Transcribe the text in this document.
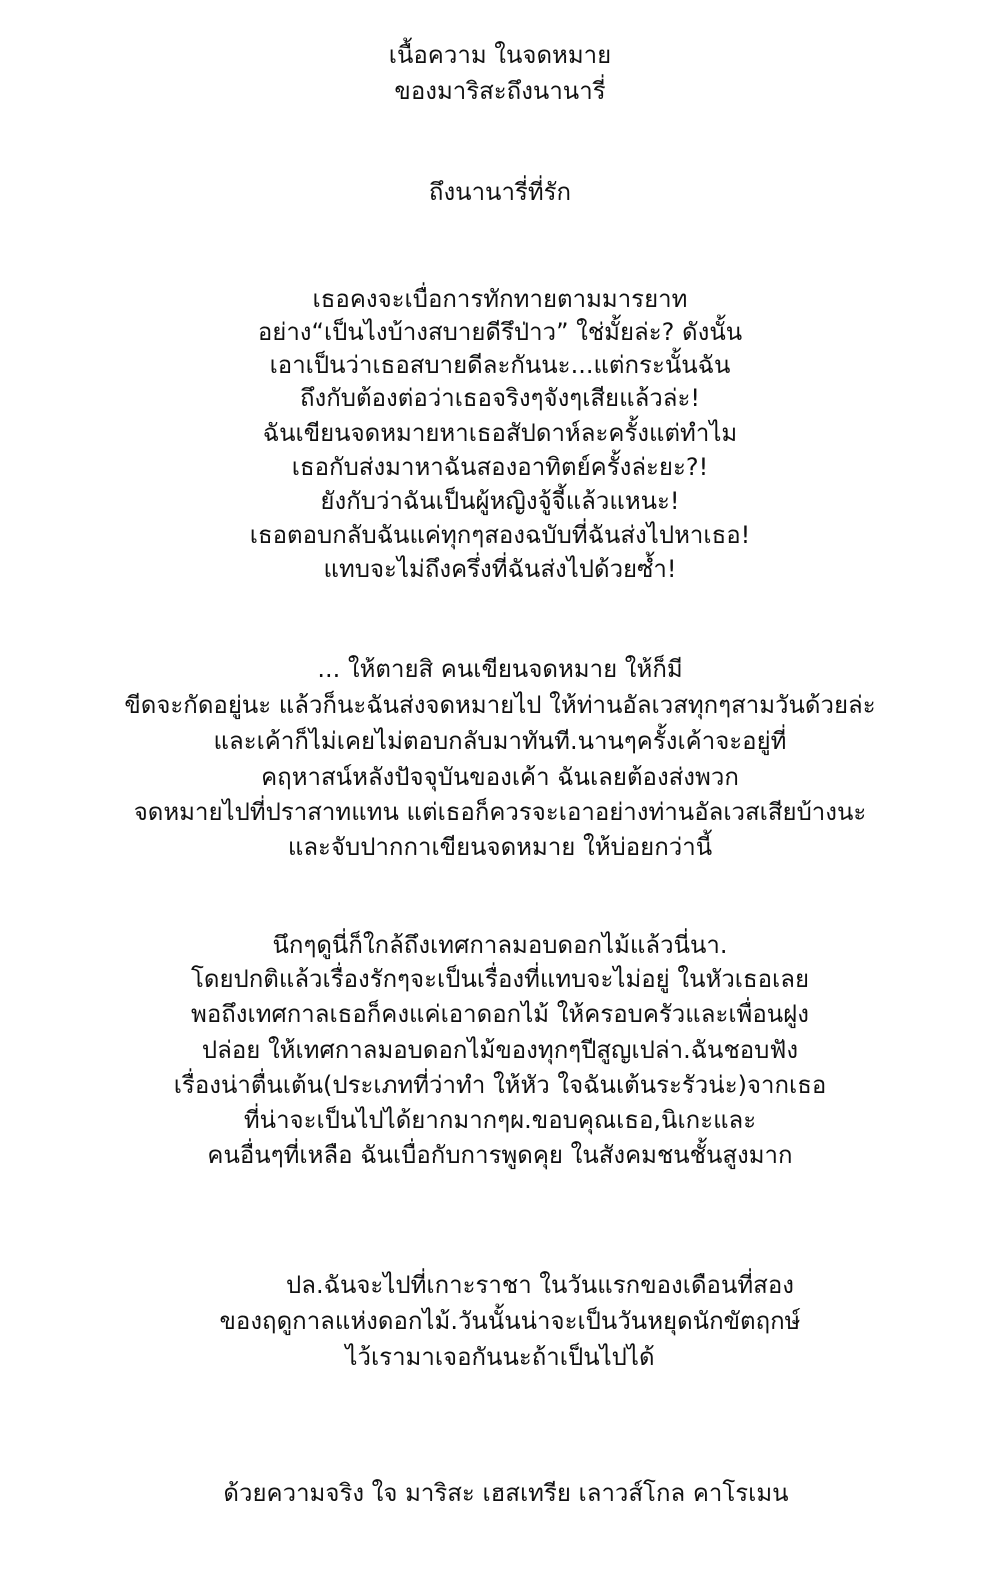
เนื้อความ ในจดหมาย
ของมาริสะถึงนานารี่
ถึงนานารี่ที่รัก
เธอคงจะเบื่อการทักทายตามมารยาท
อย่าง“เป็นไงบ้างสบายดีรึป่าว” ใช่มั้ยล่ะ? ดังนั้น
เอาเป็นว่าเธอสบายดีละกันนะ...แต่กระนั้นฉัน
ถึงกับต้องต่อว่าเธอจริงๆจังๆเสียแล้วล่ะ!
ฉันเขียนจดหมายหาเธอสัปดาห์ละครั้งแต่ทำไม
เธอกับส่งมาหาฉันสองอาทิตย์ครั้งล่ะยะ?!
ยังกับว่าฉันเป็นผู้หญิงจู้จี้แล้วแหนะ!
เธอตอบกลับฉันแค่ทุกๆสองฉบับที่ฉันส่งไปหาเธอ!
แทบจะไม่ถึงครึ่งที่ฉันส่งไปด้วยซ้ำ!
... ให้ตายสิ คนเขียนจดหมาย ให้ก็มี
ขีดจะกัดอยู่นะ แล้วก็นะฉันส่งจดหมายไป ให้ท่านอัลเวสทุกๆสามวันด้วยล่ะ
และเค้าก็ไม่เคยไม่ตอบกลับมาทันที.นานๆครั้งเค้าจะอยู่ที่
คฤหาสน์หลังปัจจุบันของเค้า ฉันเลยต้องส่งพวก
จดหมายไปที่ปราสาทแทน แต่เธอก็ควรจะเอาอย่างท่านอัลเวสเสียบ้างนะ
และจับปากกาเขียนจดหมาย ให้บ่อยกว่านี้
นึกๆดูนี่ก็ใกล้ถึงเทศกาลมอบดอกไม้แล้วนี่นา.
โดยปกติแล้วเรื่องรักๆจะเป็นเรื่องที่แทบจะไม่อยู่ ในหัวเธอเลย
พอถึงเทศกาลเธอก็คงแค่เอาดอกไม้ ให้ครอบครัวและเพื่อนฝูง
ปล่อย ให้เทศกาลมอบดอกไม้ของทุกๆปีสูญเปล่า.ฉันชอบฟัง
เรื่องน่าตื่นเต้น(ประเภทที่ว่าทำ ให้หัว ใจฉันเต้นระรัวน่ะ)จากเธอ
ที่น่าจะเป็นไปได้ยากมากๆผ.ขอบคุณเธอ,นิเกะและ
คนอื่นๆที่เหลือ ฉันเบื่อกับการพูดคุย ในสังคมชนชั้นสูงมาก
ปล.ฉันจะไปที่เกาะราชา ในวันแรกของเดือนที่สอง
ของฤดูกาลแห่งดอกไม้.วันนั้นน่าจะเป็นวันหยุดนักขัตฤกษ์
ไว้เรามาเจอกันนะถ้าเป็นไปได้
ด้วยความจริง ใจ มาริสะ เฮสเทรีย เลาวส์โกล คาโรเมน
